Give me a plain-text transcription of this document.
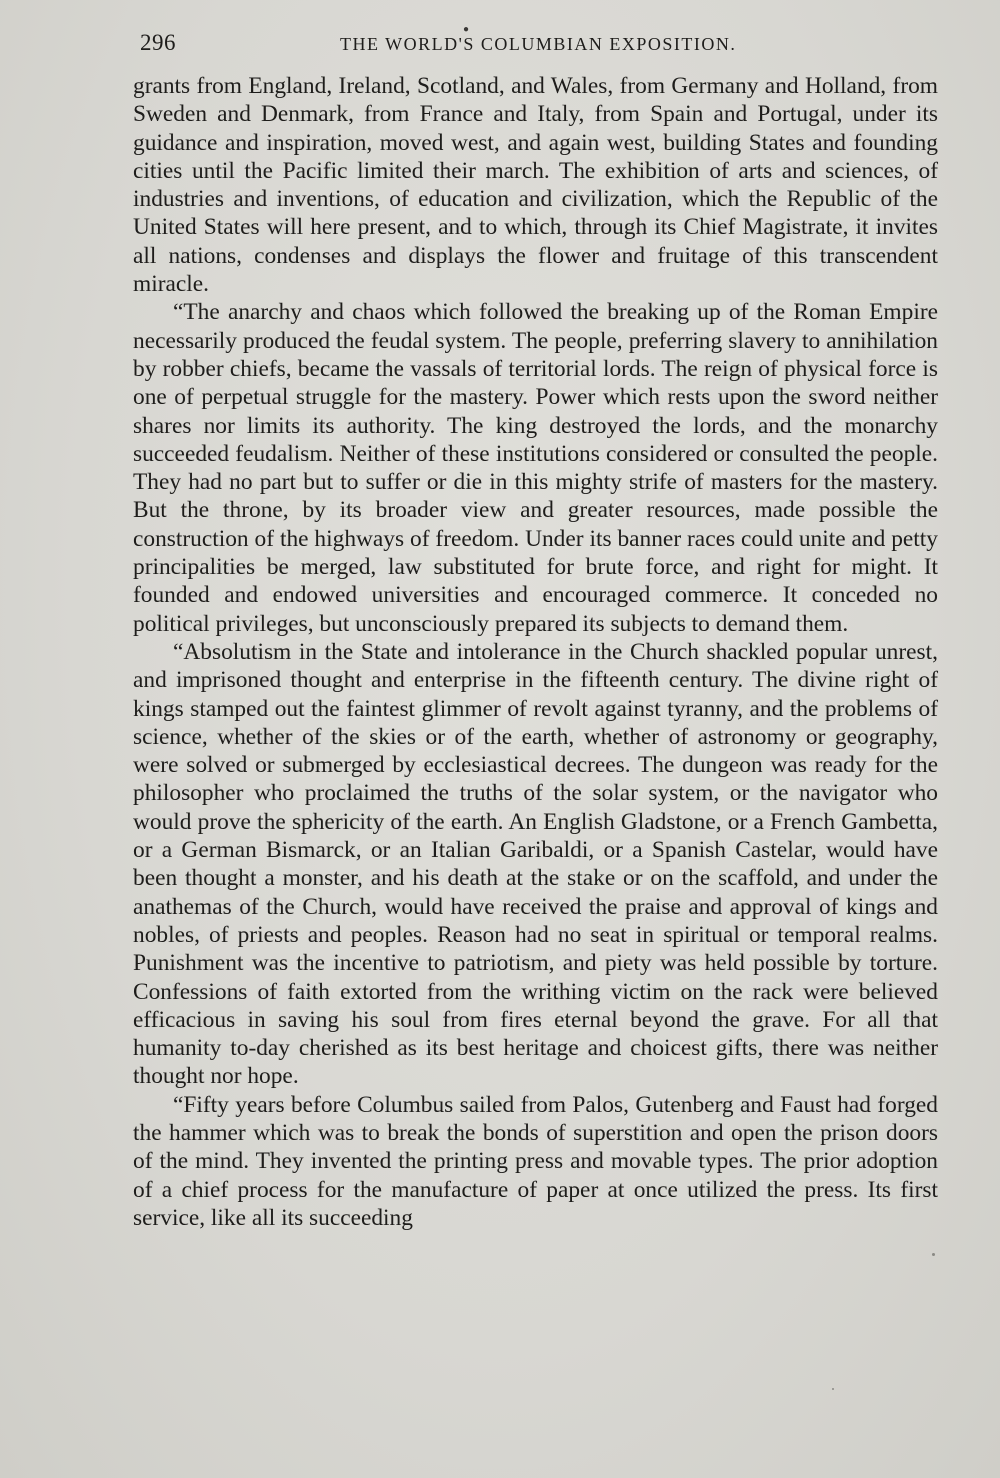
296
●
THE WORLD'S COLUMBIAN EXPOSITION.

grants from England, Ireland, Scotland, and Wales, from Germany and Holland, from Sweden and Denmark, from France and Italy, from Spain and Portugal, under its guidance and inspiration, moved west, and again west, building States and founding cities until the Pacific limited their march. The exhibition of arts and sciences, of industries and inventions, of education and civilization, which the Republic of the United States will here present, and to which, through its Chief Magistrate, it invites all nations, condenses and displays the flower and fruitage of this transcendent miracle.

“The anarchy and chaos which followed the breaking up of the Roman Empire necessarily produced the feudal system. The people, preferring slavery to annihilation by robber chiefs, became the vassals of territorial lords. The reign of physical force is one of perpetual struggle for the mastery. Power which rests upon the sword neither shares nor limits its authority. The king destroyed the lords, and the monarchy succeeded feudalism. Neither of these institutions considered or consulted the people. They had no part but to suffer or die in this mighty strife of masters for the mastery. But the throne, by its broader view and greater resources, made possible the construction of the highways of freedom. Under its banner races could unite and petty principalities be merged, law substituted for brute force, and right for might. It founded and endowed universities and encouraged commerce. It conceded no political privileges, but unconsciously prepared its subjects to demand them.

“Absolutism in the State and intolerance in the Church shackled popular unrest, and imprisoned thought and enterprise in the fifteenth century. The divine right of kings stamped out the faintest glimmer of revolt against tyranny, and the problems of science, whether of the skies or of the earth, whether of astronomy or geography, were solved or submerged by ecclesiastical decrees. The dungeon was ready for the philosopher who proclaimed the truths of the solar system, or the navigator who would prove the sphericity of the earth. An English Gladstone, or a French Gambetta, or a German Bismarck, or an Italian Garibaldi, or a Spanish Castelar, would have been thought a monster, and his death at the stake or on the scaffold, and under the anathemas of the Church, would have received the praise and approval of kings and nobles, of priests and peoples. Reason had no seat in spiritual or temporal realms. Punishment was the incentive to patriotism, and piety was held possible by torture. Confessions of faith extorted from the writhing victim on the rack were believed efficacious in saving his soul from fires eternal beyond the grave. For all that humanity to-day cherished as its best heritage and choicest gifts, there was neither thought nor hope.

“Fifty years before Columbus sailed from Palos, Gutenberg and Faust had forged the hammer which was to break the bonds of superstition and open the prison doors of the mind. They invented the printing press and movable types. The prior adoption of a chief process for the manufacture of paper at once utilized the press. Its first service, like all its succeeding
